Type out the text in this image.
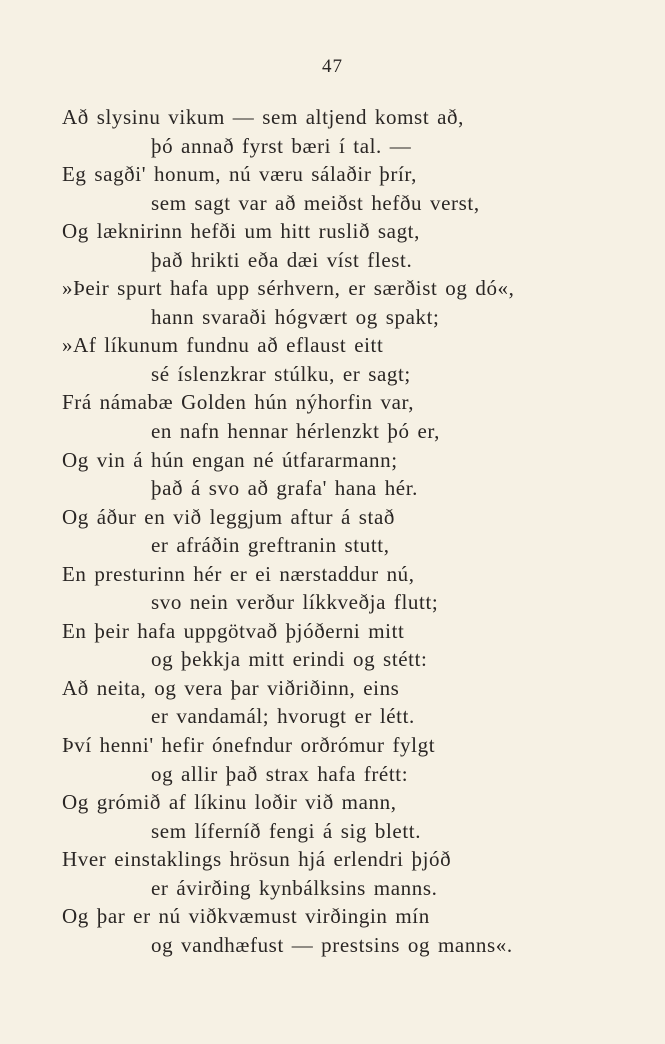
47
Að slysinu vikum — sem altjend komst að,
þó annað fyrst bæri í tal. —
Eg sagði' honum, nú væru sálaðir þrír,
sem sagt var að meiðst hefðu verst,
Og læknirinn hefði um hitt ruslið sagt,
það hrikti eða dæi víst flest.
»Þeir spurt hafa upp sérhvern, er særðist og dó«,
hann svaraði hógvært og spakt;
»Af líkunum fundnu að eflaust eitt
sé íslenzkrar stúlku, er sagt;
Frá námabæ Golden hún nýhorfin var,
en nafn hennar hérlenzkt þó er,
Og vin á hún engan né útfararmann;
það á svo að grafa' hana hér.
Og áður en við leggjum aftur á stað
er afráðin greftranin stutt,
En presturinn hér er ei nærstaddur nú,
svo nein verður líkkveðja flutt;
En þeir hafa uppgötvað þjóðerni mitt
og þekkja mitt erindi og stétt:
Að neita, og vera þar viðriðinn, eins
er vandamál; hvorugt er létt.
Því henni' hefir ónefndur orðrómur fylgt
og allir það strax hafa frétt:
Og grómið af líkinu loðir við mann,
sem líferníð fengi á sig blett.
Hver einstaklings hrösun hjá erlendri þjóð
er ávirðing kynbálksins manns.
Og þar er nú viðkvæmust virðingin mín
og vandhæfust — prestsins og manns«.
